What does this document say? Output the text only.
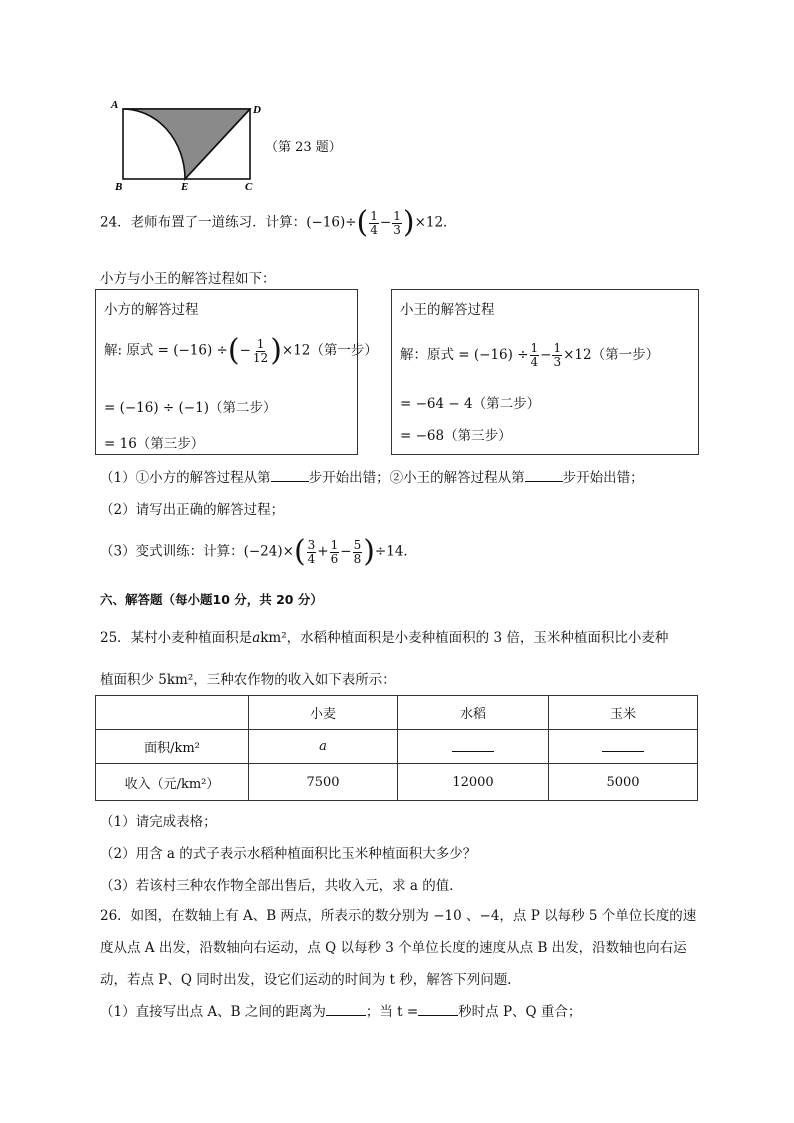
A	D
B	E	C
（第 23 题）
24．老师布置了一道练习．计算：$(-16)\div( \frac{1}{4} - \frac{1}{3} )\times 12$．
小方与小王的解答过程如下：
小方的解答过程
解: 原式 = (−16) ÷(− $\frac{1}{12} )\times 12$（第一步）
= (−16) ÷ (−1)（第二步）
= 16（第三步）
小王的解答过程
解：原式 = $(-16) \div \frac{1}{4} - \frac{1}{3} \times 12$（第一步）
= −64 − 4（第二步）
= −68（第三步）
（1）①小方的解答过程从第	步开始出错；②小王的解答过程从第	步开始出错；
（2）请写出正确的解答过程；
（3）变式训练：计算：$(-24)\times( \frac{3}{4} + \frac{1}{6} - \frac{5}{8} )\div 14$．
六、解答题（每小题10 分，共 20 分）
25．某村小麦种植面积是akm²，水稻种植面积是小麦种植面积的 3 倍，玉米种植面积比小麦种
植面积少 5km²，三种农作物的收入如下表所示：
	小麦	水稻	玉米
面积/km²	a		
收入（元/km²）	7500	12000	5000
（1）请完成表格；
（2）用含 a 的式子表示水稻种植面积比玉米种植面积大多少？
（3）若该村三种农作物全部出售后，共收入元，求 a 的值．
26．如图，在数轴上有 A、B 两点，所表示的数分别为 −10 、−4，点 P 以每秒 5 个单位长度的速
度从点 A 出发，沿数轴向右运动，点 Q 以每秒 3 个单位长度的速度从点 B 出发，沿数轴也向右运
动，若点 P、Q 同时出发，设它们运动的时间为 t 秒，解答下列问题．
（1）直接写出点 A、B 之间的距离为	；当 t =	秒时点 P、Q 重合；
